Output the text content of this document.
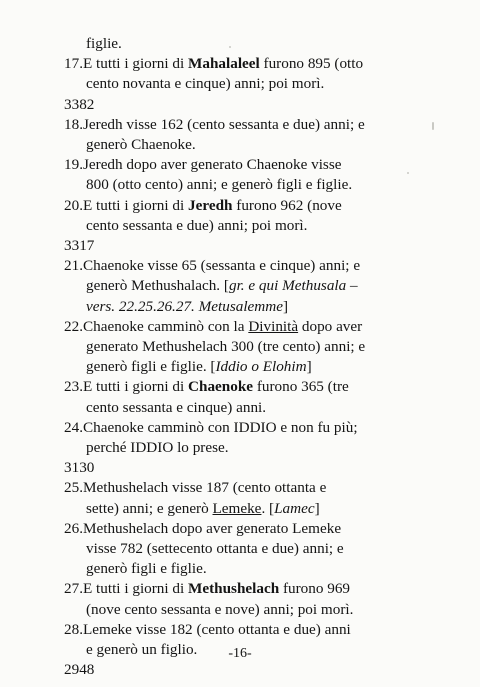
figlie.
17.E tutti i giorni di Mahalaleel furono 895 (otto
cento novanta e cinque) anni; poi morì.
3382
18.Jeredh visse 162 (cento sessanta e due) anni; e
generò Chaenoke.
19.Jeredh dopo aver generato Chaenoke visse
800 (otto cento) anni; e generò figli e figlie.
20.E tutti i giorni di Jeredh furono 962 (nove
cento sessanta e due) anni; poi morì.
3317
21.Chaenoke visse 65 (sessanta e cinque) anni; e
generò Methushalach. [gr. e qui Methusala –
vers. 22.25.26.27. Metusalemme]
22.Chaenoke camminò con la Divinità dopo aver
generato Methushelach 300 (tre cento) anni; e
generò figli e figlie. [Iddio o Elohim]
23.E tutti i giorni di Chaenoke furono 365 (tre
cento sessanta e cinque) anni.
24.Chaenoke camminò con IDDIO e non fu più;
perché IDDIO lo prese.
3130
25.Methushelach visse 187 (cento ottanta e
sette) anni; e generò Lemeke. [Lamec]
26.Methushelach dopo aver generato Lemeke
visse 782 (settecento ottanta e due) anni; e
generò figli e figlie.
27.E tutti i giorni di Methushelach furono 969
(nove cento sessanta e nove) anni; poi morì.
28.Lemeke visse 182 (cento ottanta e due) anni
e generò un figlio.
2948
-16-
